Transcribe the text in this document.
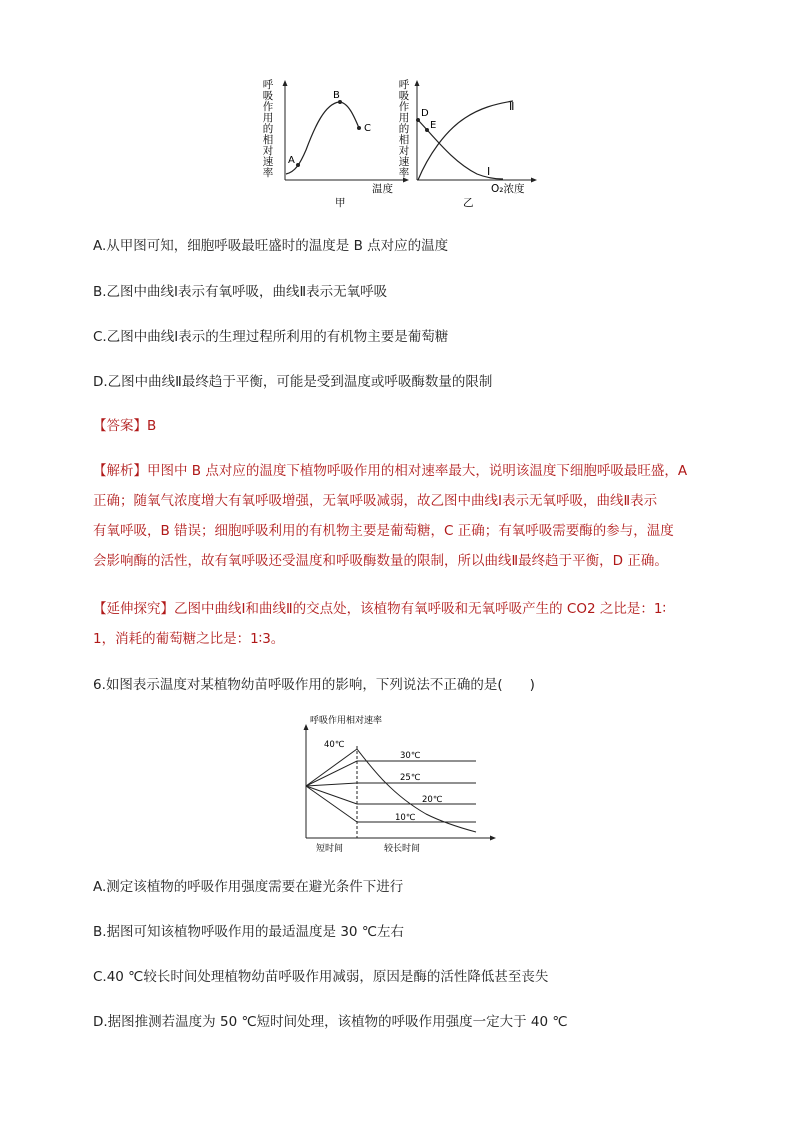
呼
吸
作
用
的
相
对
速
率
A
B
C
温度
甲
呼
吸
作
用
的
相
对
速
率
D
E
Ⅱ
Ⅰ
O₂浓度
乙
A.从甲图可知，细胞呼吸最旺盛时的温度是 B 点对应的温度
B.乙图中曲线Ⅰ表示有氧呼吸，曲线Ⅱ表示无氧呼吸
C.乙图中曲线Ⅰ表示的生理过程所利用的有机物主要是葡萄糖
D.乙图中曲线Ⅱ最终趋于平衡，可能是受到温度或呼吸酶数量的限制
【答案】B
【解析】甲图中 B 点对应的温度下植物呼吸作用的相对速率最大，说明该温度下细胞呼吸最旺盛，A
正确；随氧气浓度增大有氧呼吸增强，无氧呼吸减弱，故乙图中曲线Ⅰ表示无氧呼吸，曲线Ⅱ表示
有氧呼吸，B 错误；细胞呼吸利用的有机物主要是葡萄糖，C 正确；有氧呼吸需要酶的参与，温度
会影响酶的活性，故有氧呼吸还受温度和呼吸酶数量的限制，所以曲线Ⅱ最终趋于平衡，D 正确。
【延伸探究】乙图中曲线Ⅰ和曲线Ⅱ的交点处，该植物有氧呼吸和无氧呼吸产生的 CO2 之比是：1∶
1，消耗的葡萄糖之比是：1∶3。
6.如图表示温度对某植物幼苗呼吸作用的影响，下列说法不正确的是(　　)
呼吸作用相对速率
40℃
30℃
25℃
20℃
10℃
短时间	较长时间
A.测定该植物的呼吸作用强度需要在避光条件下进行
B.据图可知该植物呼吸作用的最适温度是 30 ℃左右
C.40 ℃较长时间处理植物幼苗呼吸作用减弱，原因是酶的活性降低甚至丧失
D.据图推测若温度为 50 ℃短时间处理，该植物的呼吸作用强度一定大于 40 ℃
